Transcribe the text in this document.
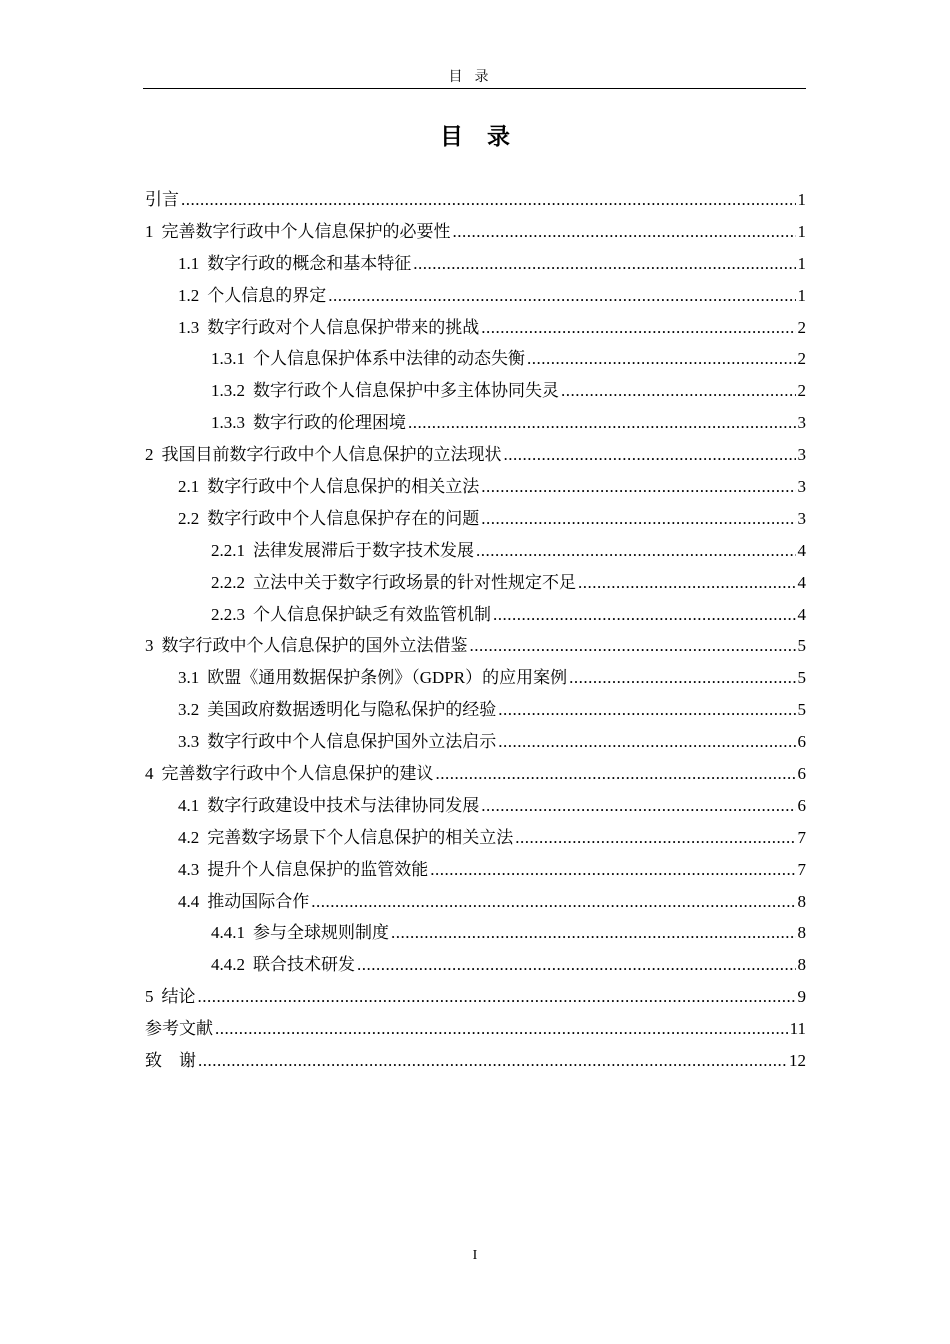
目录
目录
引言 .....	1
1 完善数字行政中个人信息保护的必要性 .....	1
1.1 数字行政的概念和基本特征 .....	1
1.2 个人信息的界定 .....	1
1.3 数字行政对个人信息保护带来的挑战 .....	2
1.3.1 个人信息保护体系中法律的动态失衡 .....	2
1.3.2 数字行政个人信息保护中多主体协同失灵 .....	2
1.3.3 数字行政的伦理困境 .....	3
2 我国目前数字行政中个人信息保护的立法现状 .....	3
2.1 数字行政中个人信息保护的相关立法 .....	3
2.2 数字行政中个人信息保护存在的问题 .....	3
2.2.1 法律发展滞后于数字技术发展 .....	4
2.2.2 立法中关于数字行政场景的针对性规定不足 .....	4
2.2.3 个人信息保护缺乏有效监管机制 .....	4
3 数字行政中个人信息保护的国外立法借鉴 .....	5
3.1 欧盟《通用数据保护条例》（GDPR）的应用案例 .....	5
3.2 美国政府数据透明化与隐私保护的经验 .....	5
3.3 数字行政中个人信息保护国外立法启示 .....	6
4 完善数字行政中个人信息保护的建议 .....	6
4.1 数字行政建设中技术与法律协同发展 .....	6
4.2 完善数字场景下个人信息保护的相关立法 .....	7
4.3 提升个人信息保护的监管效能 .....	7
4.4 推动国际合作 .....	8
4.4.1 参与全球规则制度 .....	8
4.4.2 联合技术研发 .....	8
5 结论 .....	9
参考文献 .....	11
致　谢 .....	12
I
